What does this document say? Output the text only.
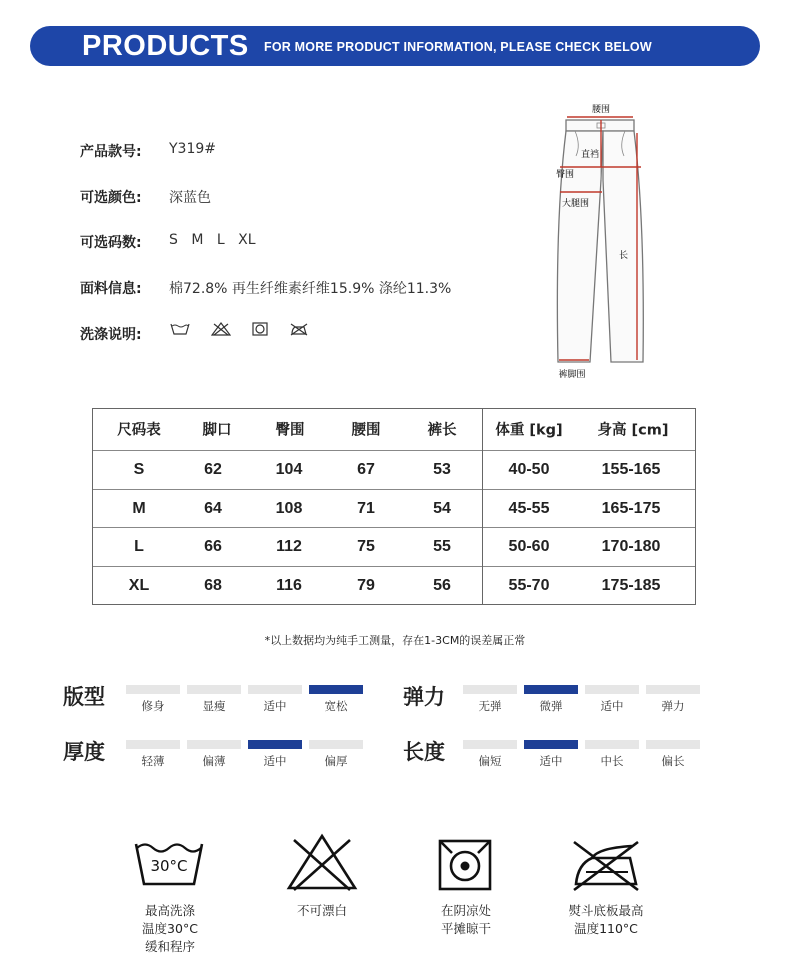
PRODUCTS FOR MORE PRODUCT INFORMATION, PLEASE CHECK BELOW
产品款号: Y319#
可选颜色: 深蓝色
可选码数: S M L XL
面料信息: 棉72.8% 再生纤维素纤维15.9% 涤纶11.3%
洗涤说明:
腰围
直裆
臀围
大腿围
长
裤脚围
尺码表	脚口	臀围	腰围	裤长	体重 [kg] 身高 [cm]
S	62	104	67	53	40-50	155-165
M	64	108	71	54	45-55	165-175
L	66	112	75	55	50-60	170-180
XL	68	116	79	56	55-70	175-185
*以上数据均为纯手工测量，存在1-3CM的误差属正常
版型	弹力
厚度	长度
修身	显瘦	适中	宽松	无弹	微弹	适中	弹力
轻薄	偏薄	适中	偏厚	偏短	适中	中长	偏长
30°C
最高洗涤
温度30°C
缓和程序
不可漂白	在阴凉处
平摊晾干
熨斗底板最高
温度110°C
